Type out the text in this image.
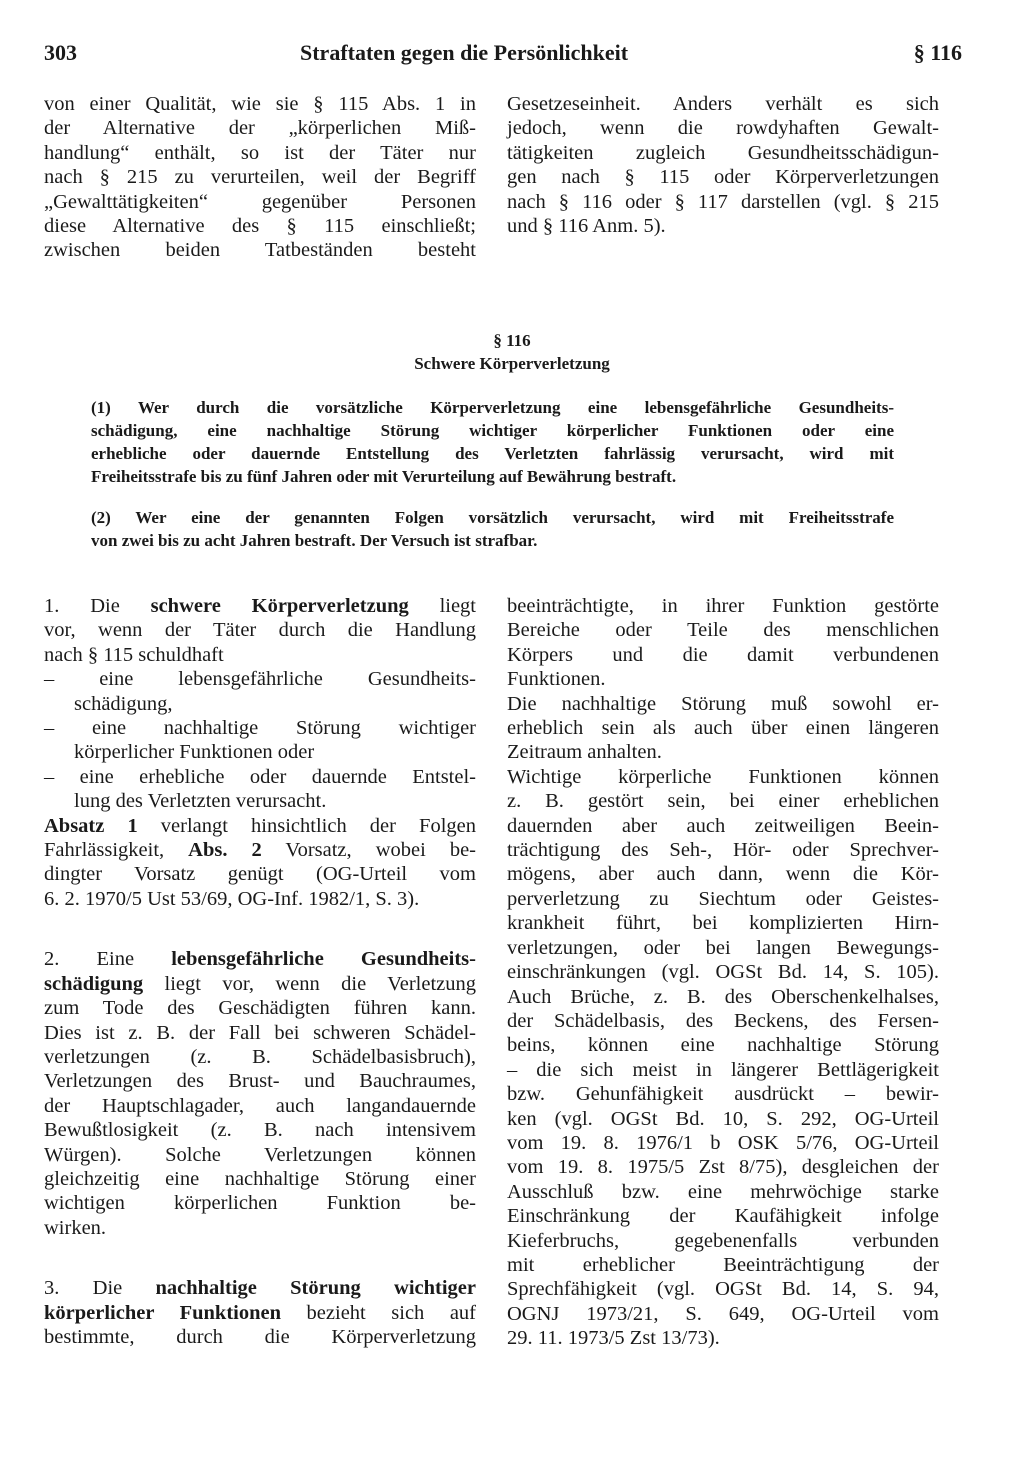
303	Straftaten gegen die Persönlichkeit	§ 116

von einer Qualität, wie sie § 115 Abs. 1 in

der Alternative der „körperlichen Miß-

handlung“ enthält, so ist der Täter nur

nach § 215 zu verurteilen, weil der Begriff

„Gewalttätigkeiten“ gegenüber Personen

diese Alternative des § 115 einschließt;

zwischen beiden Tatbeständen besteht

Gesetzeseinheit. Anders verhält es sich

jedoch, wenn die rowdyhaften Gewalt-

tätigkeiten zugleich Gesundheitsschädigun-

gen nach § 115 oder Körperverletzungen

nach § 116 oder § 117 darstellen (vgl. § 215

und § 116 Anm. 5).

§ 116
Schwere Körperverletzung

(1) Wer durch die vorsätzliche Körperverletzung eine lebensgefährliche Gesundheits-

schädigung, eine nachhaltige Störung wichtiger körperlicher Funktionen oder eine

erhebliche oder dauernde Entstellung des Verletzten fahrlässig verursacht, wird mit

Freiheitsstrafe bis zu fünf Jahren oder mit Verurteilung auf Bewährung bestraft.

(2) Wer eine der genannten Folgen vorsätzlich verursacht, wird mit Freiheitsstrafe

von zwei bis zu acht Jahren bestraft. Der Versuch ist strafbar.

1. Die schwere Körperverletzung liegt

vor, wenn der Täter durch die Handlung

nach § 115 schuldhaft

– eine lebensgefährliche Gesundheits-

schädigung,

– eine nachhaltige Störung wichtiger

körperlicher Funktionen oder

– eine erhebliche oder dauernde Entstel-

lung des Verletzten verursacht.

Absatz 1 verlangt hinsichtlich der Folgen

Fahrlässigkeit, Abs. 2 Vorsatz, wobei be-

dingter Vorsatz genügt (OG-Urteil vom

6. 2. 1970/5 Ust 53/69, OG-Inf. 1982/1, S. 3).

2. Eine lebensgefährliche Gesundheits-

schädigung liegt vor, wenn die Verletzung

zum Tode des Geschädigten führen kann.

Dies ist z. B. der Fall bei schweren Schädel-

verletzungen (z. B. Schädelbasisbruch),

Verletzungen des Brust- und Bauchraumes,

der Hauptschlagader, auch langandauernde

Bewußtlosigkeit (z. B. nach intensivem

Würgen). Solche Verletzungen können

gleichzeitig eine nachhaltige Störung einer

wichtigen körperlichen Funktion be-

wirken.

3. Die nachhaltige Störung wichtiger

körperlicher Funktionen bezieht sich auf

bestimmte, durch die Körperverletzung

beeinträchtigte, in ihrer Funktion gestörte

Bereiche oder Teile des menschlichen

Körpers und die damit verbundenen

Funktionen.

Die nachhaltige Störung muß sowohl er-

erheblich sein als auch über einen längeren

Zeitraum anhalten.

Wichtige körperliche Funktionen können

z. B. gestört sein, bei einer erheblichen

dauernden aber auch zeitweiligen Beein-

trächtigung des Seh-, Hör- oder Sprechver-

mögens, aber auch dann, wenn die Kör-

perverletzung zu Siechtum oder Geistes-

krankheit führt, bei komplizierten Hirn-

verletzungen, oder bei langen Bewegungs-

einschränkungen (vgl. OGSt Bd. 14, S. 105).

Auch Brüche, z. B. des Oberschenkelhalses,

der Schädelbasis, des Beckens, des Fersen-

beins, können eine nachhaltige Störung

– die sich meist in längerer Bettlägerigkeit

bzw. Gehunfähigkeit ausdrückt – bewir-

ken (vgl. OGSt Bd. 10, S. 292, OG-Urteil

vom 19. 8. 1976/1 b OSK 5/76, OG-Urteil

vom 19. 8. 1975/5 Zst 8/75), desgleichen der

Ausschluß bzw. eine mehrwöchige starke

Einschränkung der Kaufähigkeit infolge

Kieferbruchs, gegebenenfalls verbunden

mit erheblicher Beeinträchtigung der

Sprechfähigkeit (vgl. OGSt Bd. 14, S. 94,

OGNJ 1973/21, S. 649, OG-Urteil vom

29. 11. 1973/5 Zst 13/73).
